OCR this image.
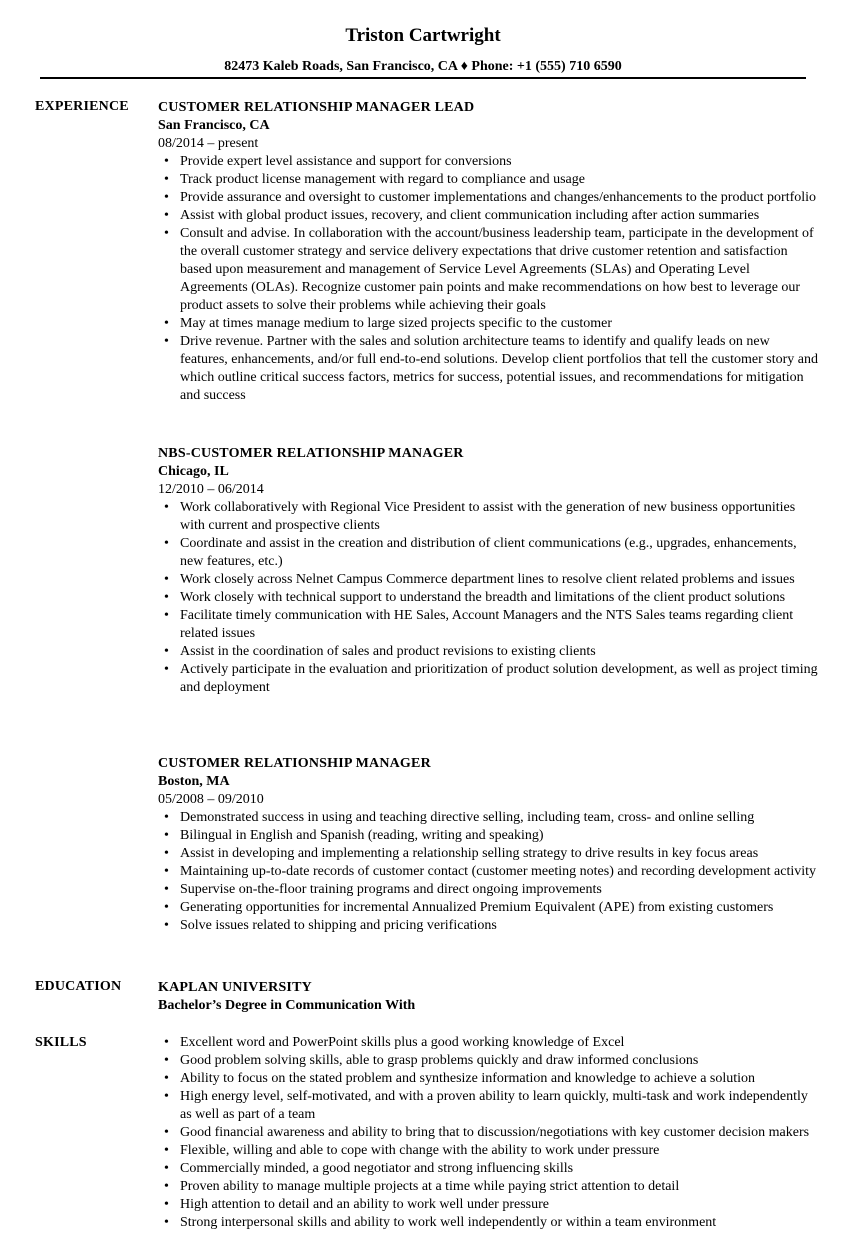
Triston Cartwright
82473 Kaleb Roads, San Francisco, CA ♦ Phone: +1 (555) 710 6590
EXPERIENCE CUSTOMER RELATIONSHIP MANAGER LEAD
San Francisco, CA
08/2014 – present
• Provide expert level assistance and support for conversions
• Track product license management with regard to compliance and usage
• Provide assurance and oversight to customer implementations and changes/enhancements to the product portfolio
• Assist with global product issues, recovery, and client communication including after action summaries
• Consult and advise. In collaboration with the account/business leadership team, participate in the development of the overall customer strategy and service delivery expectations that drive customer retention and satisfaction based upon measurement and management of Service Level Agreements (SLAs) and Operating Level Agreements (OLAs). Recognize customer pain points and make recommendations on how best to leverage our product assets to solve their problems while achieving their goals
• May at times manage medium to large sized projects specific to the customer
• Drive revenue. Partner with the sales and solution architecture teams to identify and qualify leads on new features, enhancements, and/or full end-to-end solutions. Develop client portfolios that tell the customer story and which outline critical success factors, metrics for success, potential issues, and recommendations for mitigation and success
NBS-CUSTOMER RELATIONSHIP MANAGER
Chicago, IL
12/2010 – 06/2014
• Work collaboratively with Regional Vice President to assist with the generation of new business opportunities with current and prospective clients
• Coordinate and assist in the creation and distribution of client communications (e.g., upgrades, enhancements, new features, etc.)
• Work closely across Nelnet Campus Commerce department lines to resolve client related problems and issues
• Work closely with technical support to understand the breadth and limitations of the client product solutions
• Facilitate timely communication with HE Sales, Account Managers and the NTS Sales teams regarding client related issues
• Assist in the coordination of sales and product revisions to existing clients
• Actively participate in the evaluation and prioritization of product solution development, as well as project timing and deployment
CUSTOMER RELATIONSHIP MANAGER
Boston, MA
05/2008 – 09/2010
• Demonstrated success in using and teaching directive selling, including team, cross- and online selling
• Bilingual in English and Spanish (reading, writing and speaking)
• Assist in developing and implementing a relationship selling strategy to drive results in key focus areas
• Maintaining up-to-date records of customer contact (customer meeting notes) and recording development activity
• Supervise on-the-floor training programs and direct ongoing improvements
• Generating opportunities for incremental Annualized Premium Equivalent (APE) from existing customers
• Solve issues related to shipping and pricing verifications
EDUCATION	KAPLAN UNIVERSITY
Bachelor’s Degree in Communication With
SKILLS
•	Excellent word and PowerPoint skills plus a good working knowledge of Excel
• Good problem solving skills, able to grasp problems quickly and draw informed conclusions
• Ability to focus on the stated problem and synthesize information and knowledge to achieve a solution
• High energy level, self-motivated, and with a proven ability to learn quickly, multi-task and work independently as well as part of a team
• Good financial awareness and ability to bring that to discussion/negotiations with key customer decision makers
• Flexible, willing and able to cope with change with the ability to work under pressure
• Commercially minded, a good negotiator and strong influencing skills
• Proven ability to manage multiple projects at a time while paying strict attention to detail
• High attention to detail and an ability to work well under pressure
• Strong interpersonal skills and ability to work well independently or within a team environment
